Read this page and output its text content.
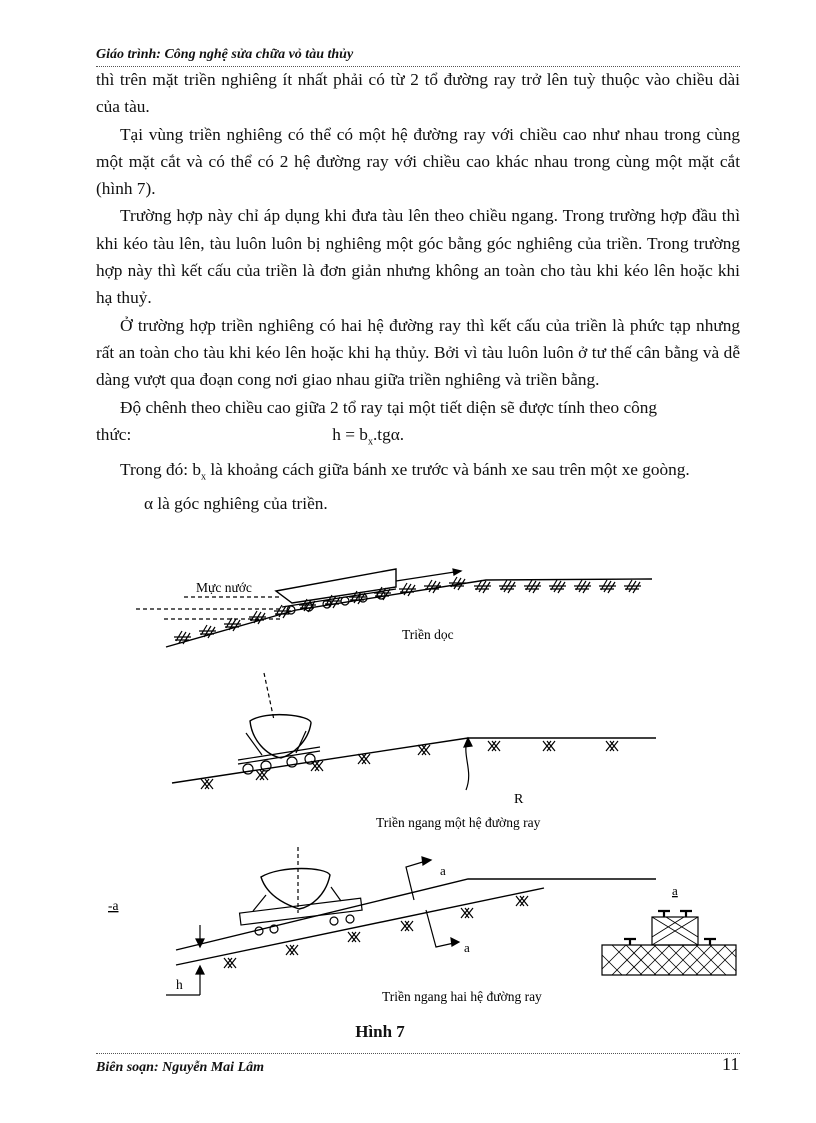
Giáo trình: Công nghệ sửa chữa vỏ tàu thủy

thì trên mặt triền nghiêng ít nhất phải có từ 2 tổ đường ray trở lên tuỳ thuộc vào chiều dài của tàu.

Tại vùng triền nghiêng có thể có một hệ đường ray với chiều cao như nhau trong cùng một mặt cắt và có thể có 2 hệ đường ray với chiều cao khác nhau trong cùng một mặt cắt (hình 7).

Trường hợp này chỉ áp dụng khi đưa tàu lên theo chiều ngang. Trong trường hợp đầu thì khi kéo tàu lên, tàu luôn luôn bị nghiêng một góc bằng góc nghiêng của triền. Trong trường hợp này thì kết cấu của triền là đơn giản nhưng không an toàn cho tàu khi kéo lên hoặc khi hạ thuỷ.

Ở trường hợp triền nghiêng có hai hệ đường ray thì kết cấu của triền là phức tạp nhưng rất an toàn cho tàu khi kéo lên hoặc khi hạ thủy. Bởi vì tàu luôn luôn ở tư thế cân bằng và dễ dàng vượt qua đoạn cong nơi giao nhau giữa triền nghiêng và triền bằng.

Độ chênh theo chiều cao giữa 2 tổ ray tại một tiết diện sẽ được tính theo công

thức:	$h = b_x.tg\alpha$.

Trong đó: $b_x$ là khoảng cách giữa bánh xe trước và bánh xe sau trên một xe goòng.

α là góc nghiêng của triền.

Mực nước
Triền dọc
R
Triền ngang một hệ đường ray
-a
h
a
a
a
Triền ngang hai hệ đường ray
Hình 7
Biên soạn: Nguyễn Mai Lâm	11
